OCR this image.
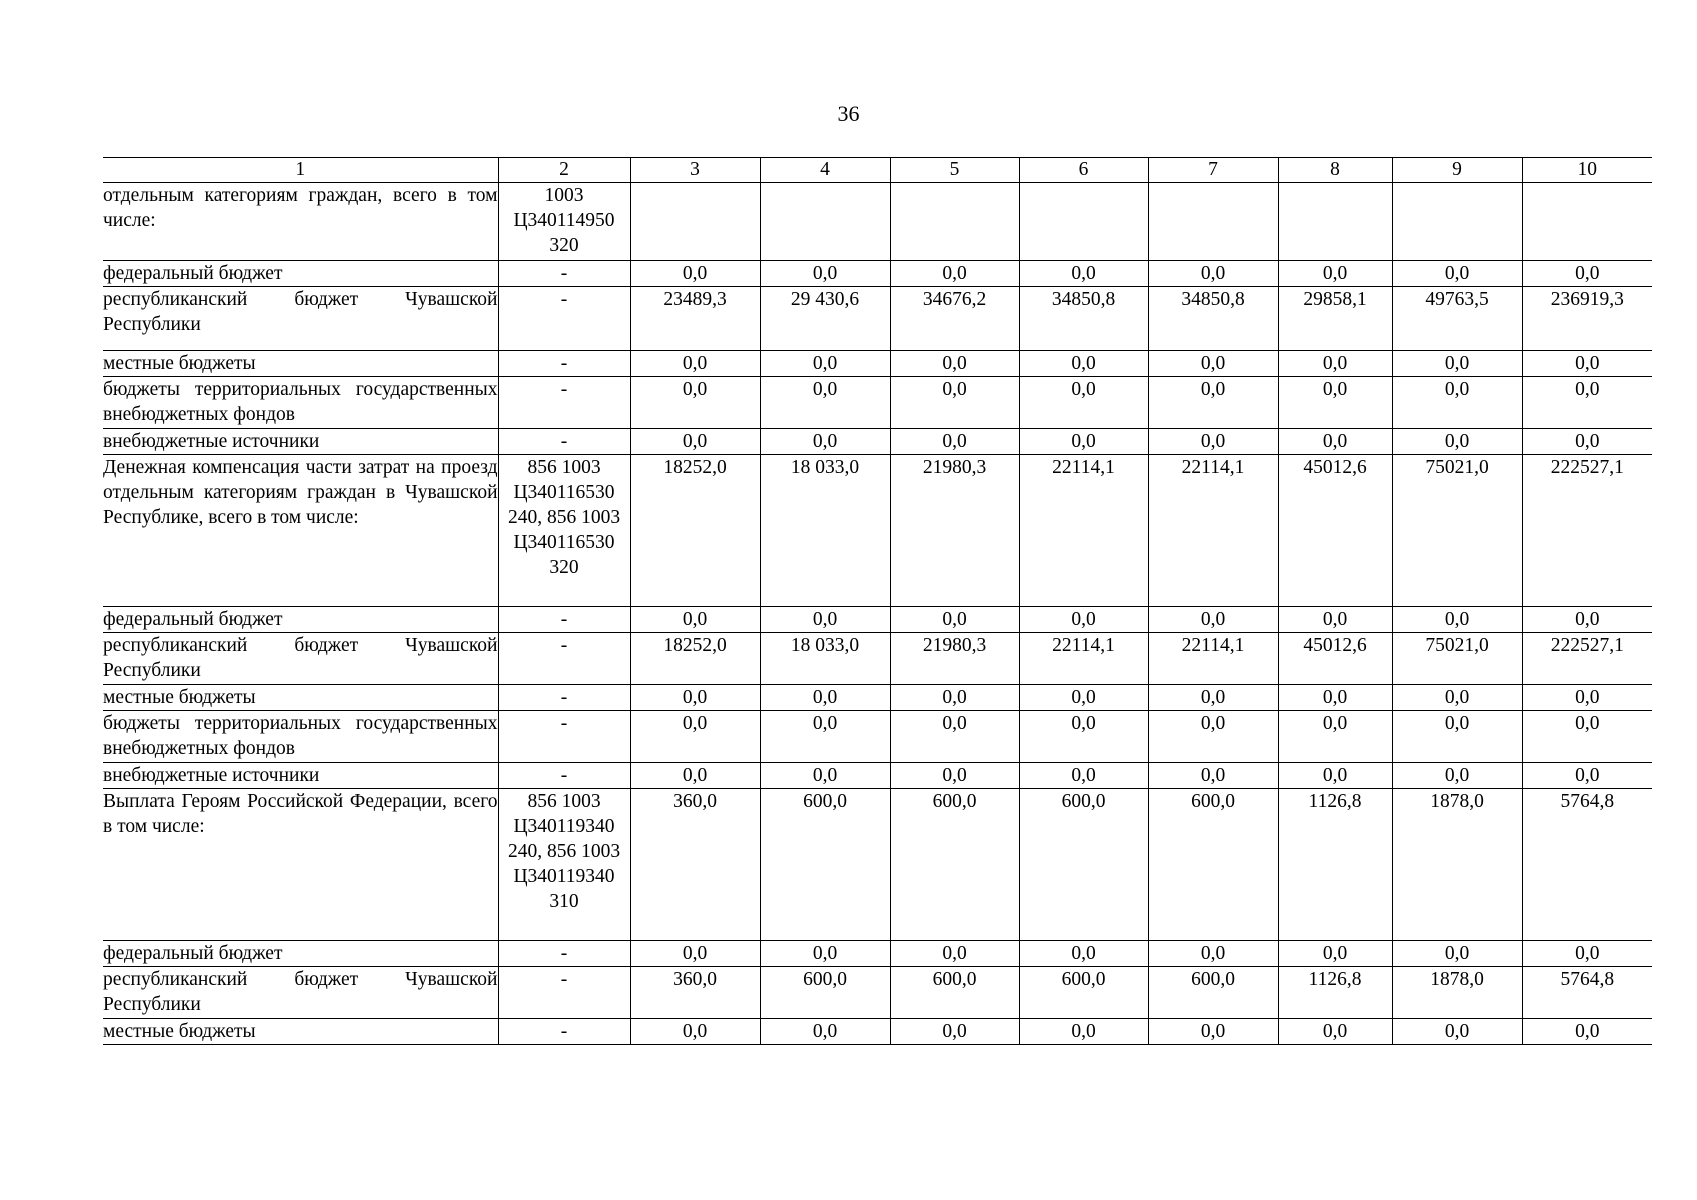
36
1	2	3	4	5	6	7	8	9	10
отдельным категориям граждан, всего в том числе:	1003 Ц340114950 320								
федеральный бюджет	-	0,0	0,0	0,0	0,0	0,0	0,0	0,0	0,0
республиканский бюджет Чувашской Республики	-	23489,3	29 430,6	34676,2	34850,8	34850,8	29858,1	49763,5	236919,3
местные бюджеты	-	0,0	0,0	0,0	0,0	0,0	0,0	0,0	0,0
бюджеты территориальных государственных внебюджетных фондов	-	0,0	0,0	0,0	0,0	0,0	0,0	0,0	0,0
внебюджетные источники	-	0,0	0,0	0,0	0,0	0,0	0,0	0,0	0,0
Денежная компенсация части затрат на проезд отдельным категориям граждан в Чувашской Республике, всего в том числе:	856 1003 Ц340116530 240, 856 1003 Ц340116530 320	18252,0	18 033,0	21980,3	22114,1	22114,1	45012,6	75021,0	222527,1
федеральный бюджет	-	0,0	0,0	0,0	0,0	0,0	0,0	0,0	0,0
республиканский бюджет Чувашской Республики	-	18252,0	18 033,0	21980,3	22114,1	22114,1	45012,6	75021,0	222527,1
местные бюджеты	-	0,0	0,0	0,0	0,0	0,0	0,0	0,0	0,0
бюджеты территориальных государственных внебюджетных фондов	-	0,0	0,0	0,0	0,0	0,0	0,0	0,0	0,0
внебюджетные источники	-	0,0	0,0	0,0	0,0	0,0	0,0	0,0	0,0
Выплата Героям Российской Федерации, всего в том числе:	856 1003 Ц340119340 240, 856 1003 Ц340119340 310	360,0	600,0	600,0	600,0	600,0	1126,8	1878,0	5764,8
федеральный бюджет	-	0,0	0,0	0,0	0,0	0,0	0,0	0,0	0,0
республиканский бюджет Чувашской Республики	-	360,0	600,0	600,0	600,0	600,0	1126,8	1878,0	5764,8
местные бюджеты	-	0,0	0,0	0,0	0,0	0,0	0,0	0,0	0,0
